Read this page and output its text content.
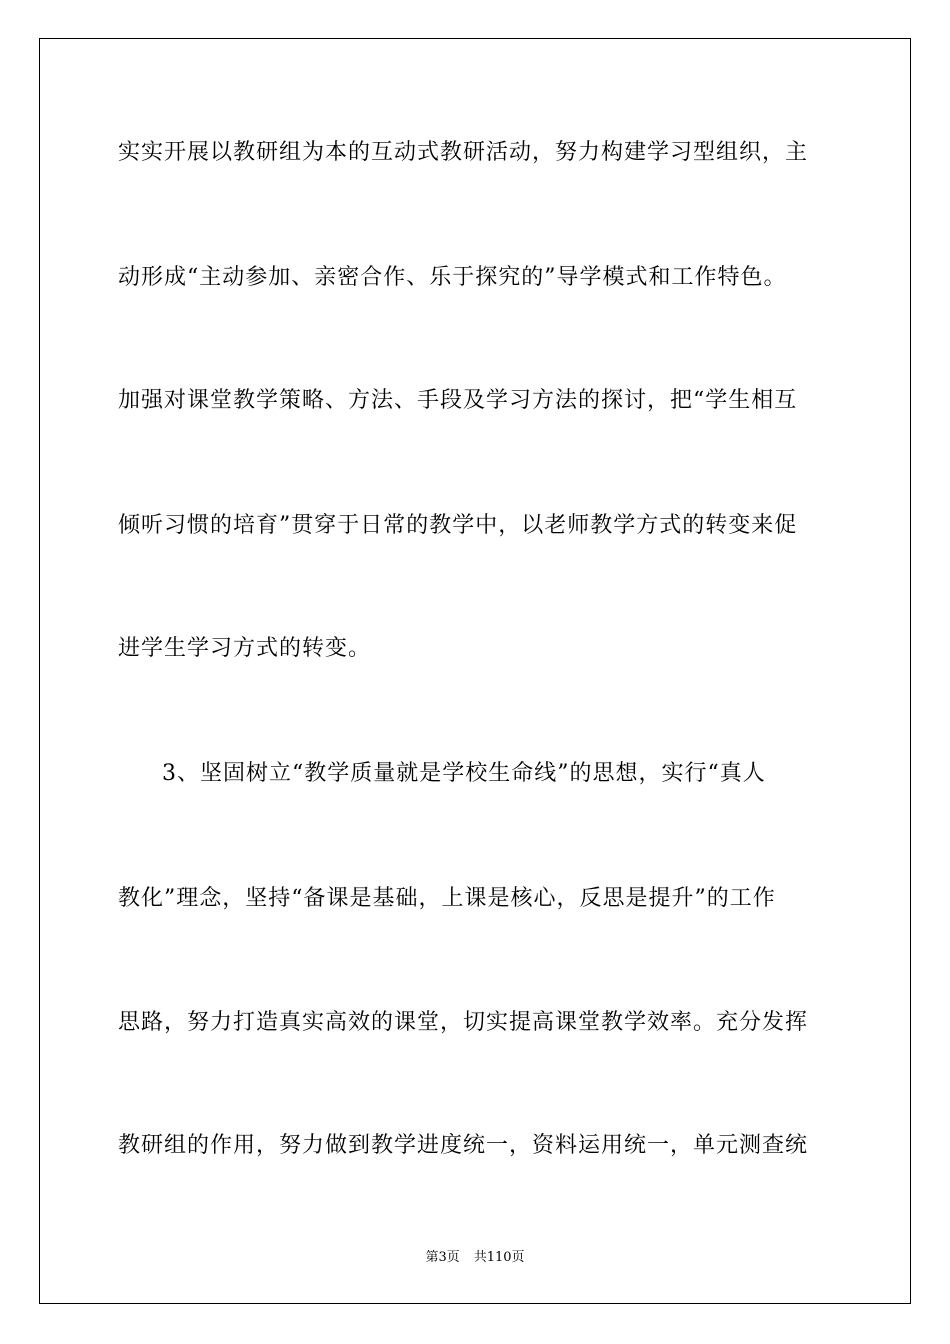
实实开展以教研组为本的互动式教研活动，努力构建学习型组织，主
动形成“主动参加、亲密合作、乐于探究的”导学模式和工作特色。
加强对课堂教学策略、方法、手段及学习方法的探讨，把“学生相互
倾听习惯的培育”贯穿于日常的教学中，以老师教学方式的转变来促
进学生学习方式的转变。
3、坚固树立“教学质量就是学校生命线”的思想，实行“真人
教化”理念，坚持“备课是基础，上课是核心，反思是提升”的工作
思路，努力打造真实高效的课堂，切实提高课堂教学效率。充分发挥
教研组的作用，努力做到教学进度统一，资料运用统一，单元测查统
第3页 共110页
